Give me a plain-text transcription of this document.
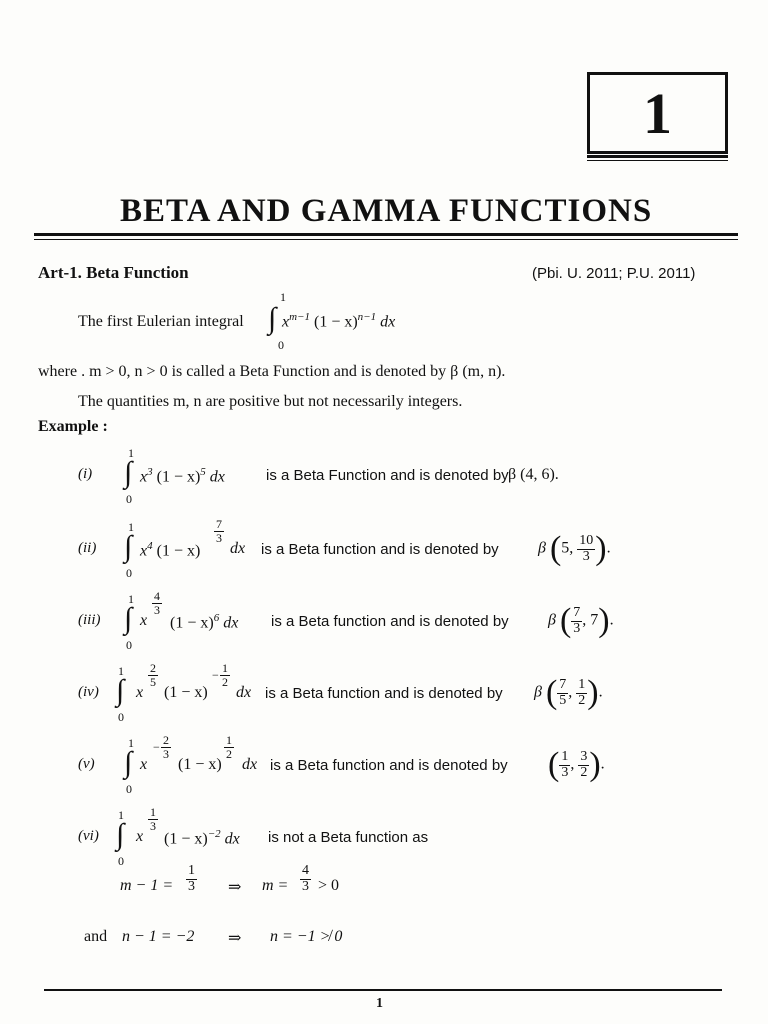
1
BETA AND GAMMA FUNCTIONS
Art-1. Beta Function	(Pbi. U. 2011; P.U. 2011)
The first Eulerian integral
1
∫
0
$x^{m-1}$ $(1 - x)^{n-1}$ dx
where . m > 0, n > 0 is called a Beta Function and is denoted by β (m, n).
The quantities m, n are positive but not necessarily integers.
Example :
(i)
1
∫
0
$x^3$ $(1 - x)^5$ dx	is a Beta Function and is denoted by β (4, 6).
(ii)
1
∫
0
$x^4$ (1 − x)
$\frac{7}{3}$
dx is a Beta function and is denoted by β (5, $\frac{10}{3}$ ).
(iii)
1
∫
0
x
$\frac{4}{3}$
$(1 - x)^6$ dx is a Beta function and is denoted by β ( $\frac{7}{3}$ , 7).
(iv)
1
∫
0
x
$\frac{2}{5}$
(1 − x)
− $\frac{1}{2}$
dx is a Beta function and is denoted by β ( $\frac{7}{5}$ , $\frac{1}{2}$ ).
(v)
1
∫
0
x
− $\frac{2}{3}$
(1 − x)
$\frac{1}{2}$
dx is a Beta function and is denoted by ( $\frac{1}{3}$ , $\frac{3}{2}$ ).
(vi)
1
∫
0
x
$\frac{1}{3}$
$(1 - x)^{-2}$ dx is not a Beta function as
$m - 1 = \frac{1}{3}$ ⇒ $m = \frac{4}{3} > 0$
and n − 1 = −2 ⇒ n = −1 ≯ 0
1
